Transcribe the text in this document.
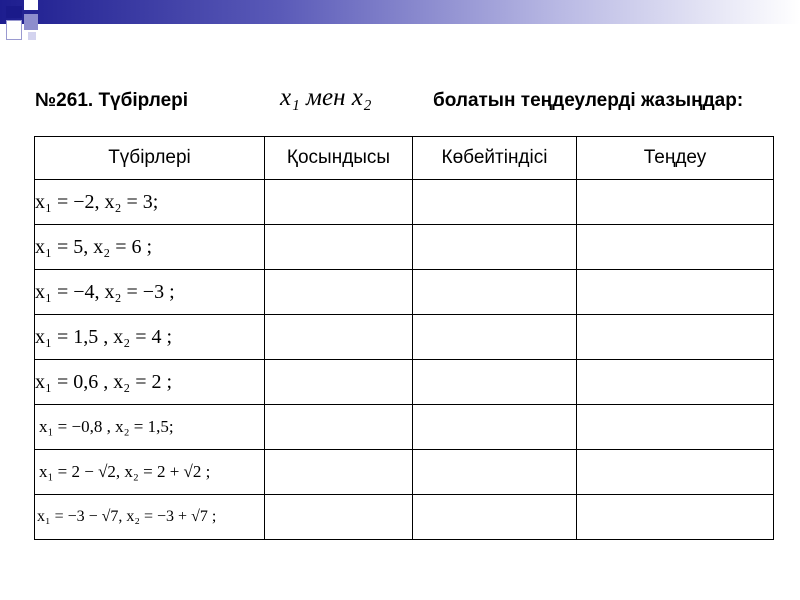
№261. Түбірлері	x₁ мен x₂	болатын теңдеулерді жазыңдар:
Түбірлері	Қосындысы	Көбейтіндісі	Теңдеу
x₁ = −2, x₂ = 3;			
x₁ = 5, x₂ = 6 ;			
x₁ = −4, x₂ = −3 ;			
x₁ = 1,5 , x₂ = 4 ;			
x₁ = 0,6 , x₂ = 2 ;			
x₁ = −0,8 , x₂ = 1,5;			
x₁ = 2 − √2, x₂ = 2 + √2 ;			
x₁ = −3 − √7, x₂ = −3 + √7 ;			
